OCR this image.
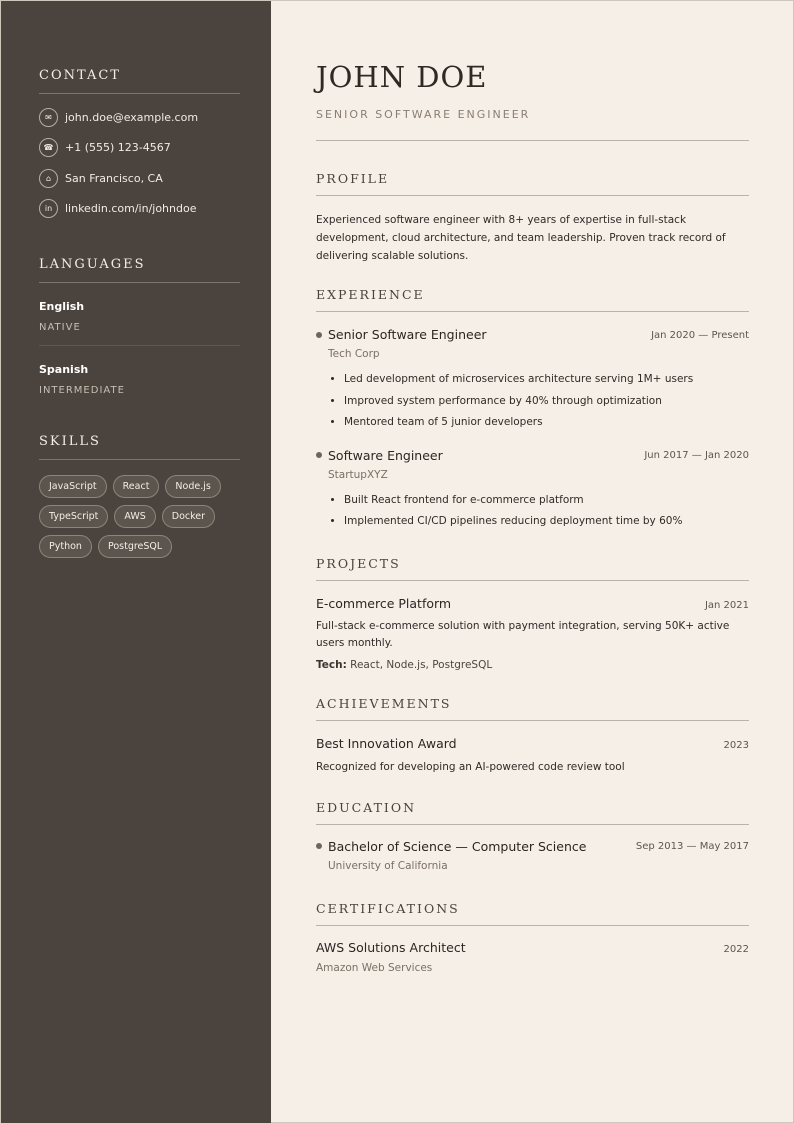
CONTACT
✉	john.doe@example.com
☎	+1 (555) 123-4567
⌂	San Francisco, CA
in	linkedin.com/in/johndoe
LANGUAGES
English
NATIVE
Spanish
INTERMEDIATE
SKILLS
JavaScript	React	Node.js
TypeScript	AWS	Docker
Python	PostgreSQL
JOHN DOE
SENIOR SOFTWARE ENGINEER
PROFILE

Experienced software engineer with 8+ years of expertise in full-stack development, cloud architecture, and team leadership. Proven track record of delivering scalable solutions.

EXPERIENCE
Senior Software Engineer	Jan 2020 — Present
Tech Corp
• Led development of microservices architecture serving 1M+ users
• Improved system performance by 40% through optimization
• Mentored team of 5 junior developers
Software Engineer	Jun 2017 — Jan 2020
StartupXYZ
• Built React frontend for e-commerce platform
• Implemented CI/CD pipelines reducing deployment time by 60%
PROJECTS
E-commerce Platform	Jan 2021
Full-stack e-commerce solution with payment integration, serving 50K+ active users monthly.
Tech: React, Node.js, PostgreSQL
ACHIEVEMENTS
Best Innovation Award	2023
Recognized for developing an AI-powered code review tool
EDUCATION
Bachelor of Science — Computer Science	Sep 2013 — May 2017
University of California
CERTIFICATIONS
AWS Solutions Architect	2022
Amazon Web Services
